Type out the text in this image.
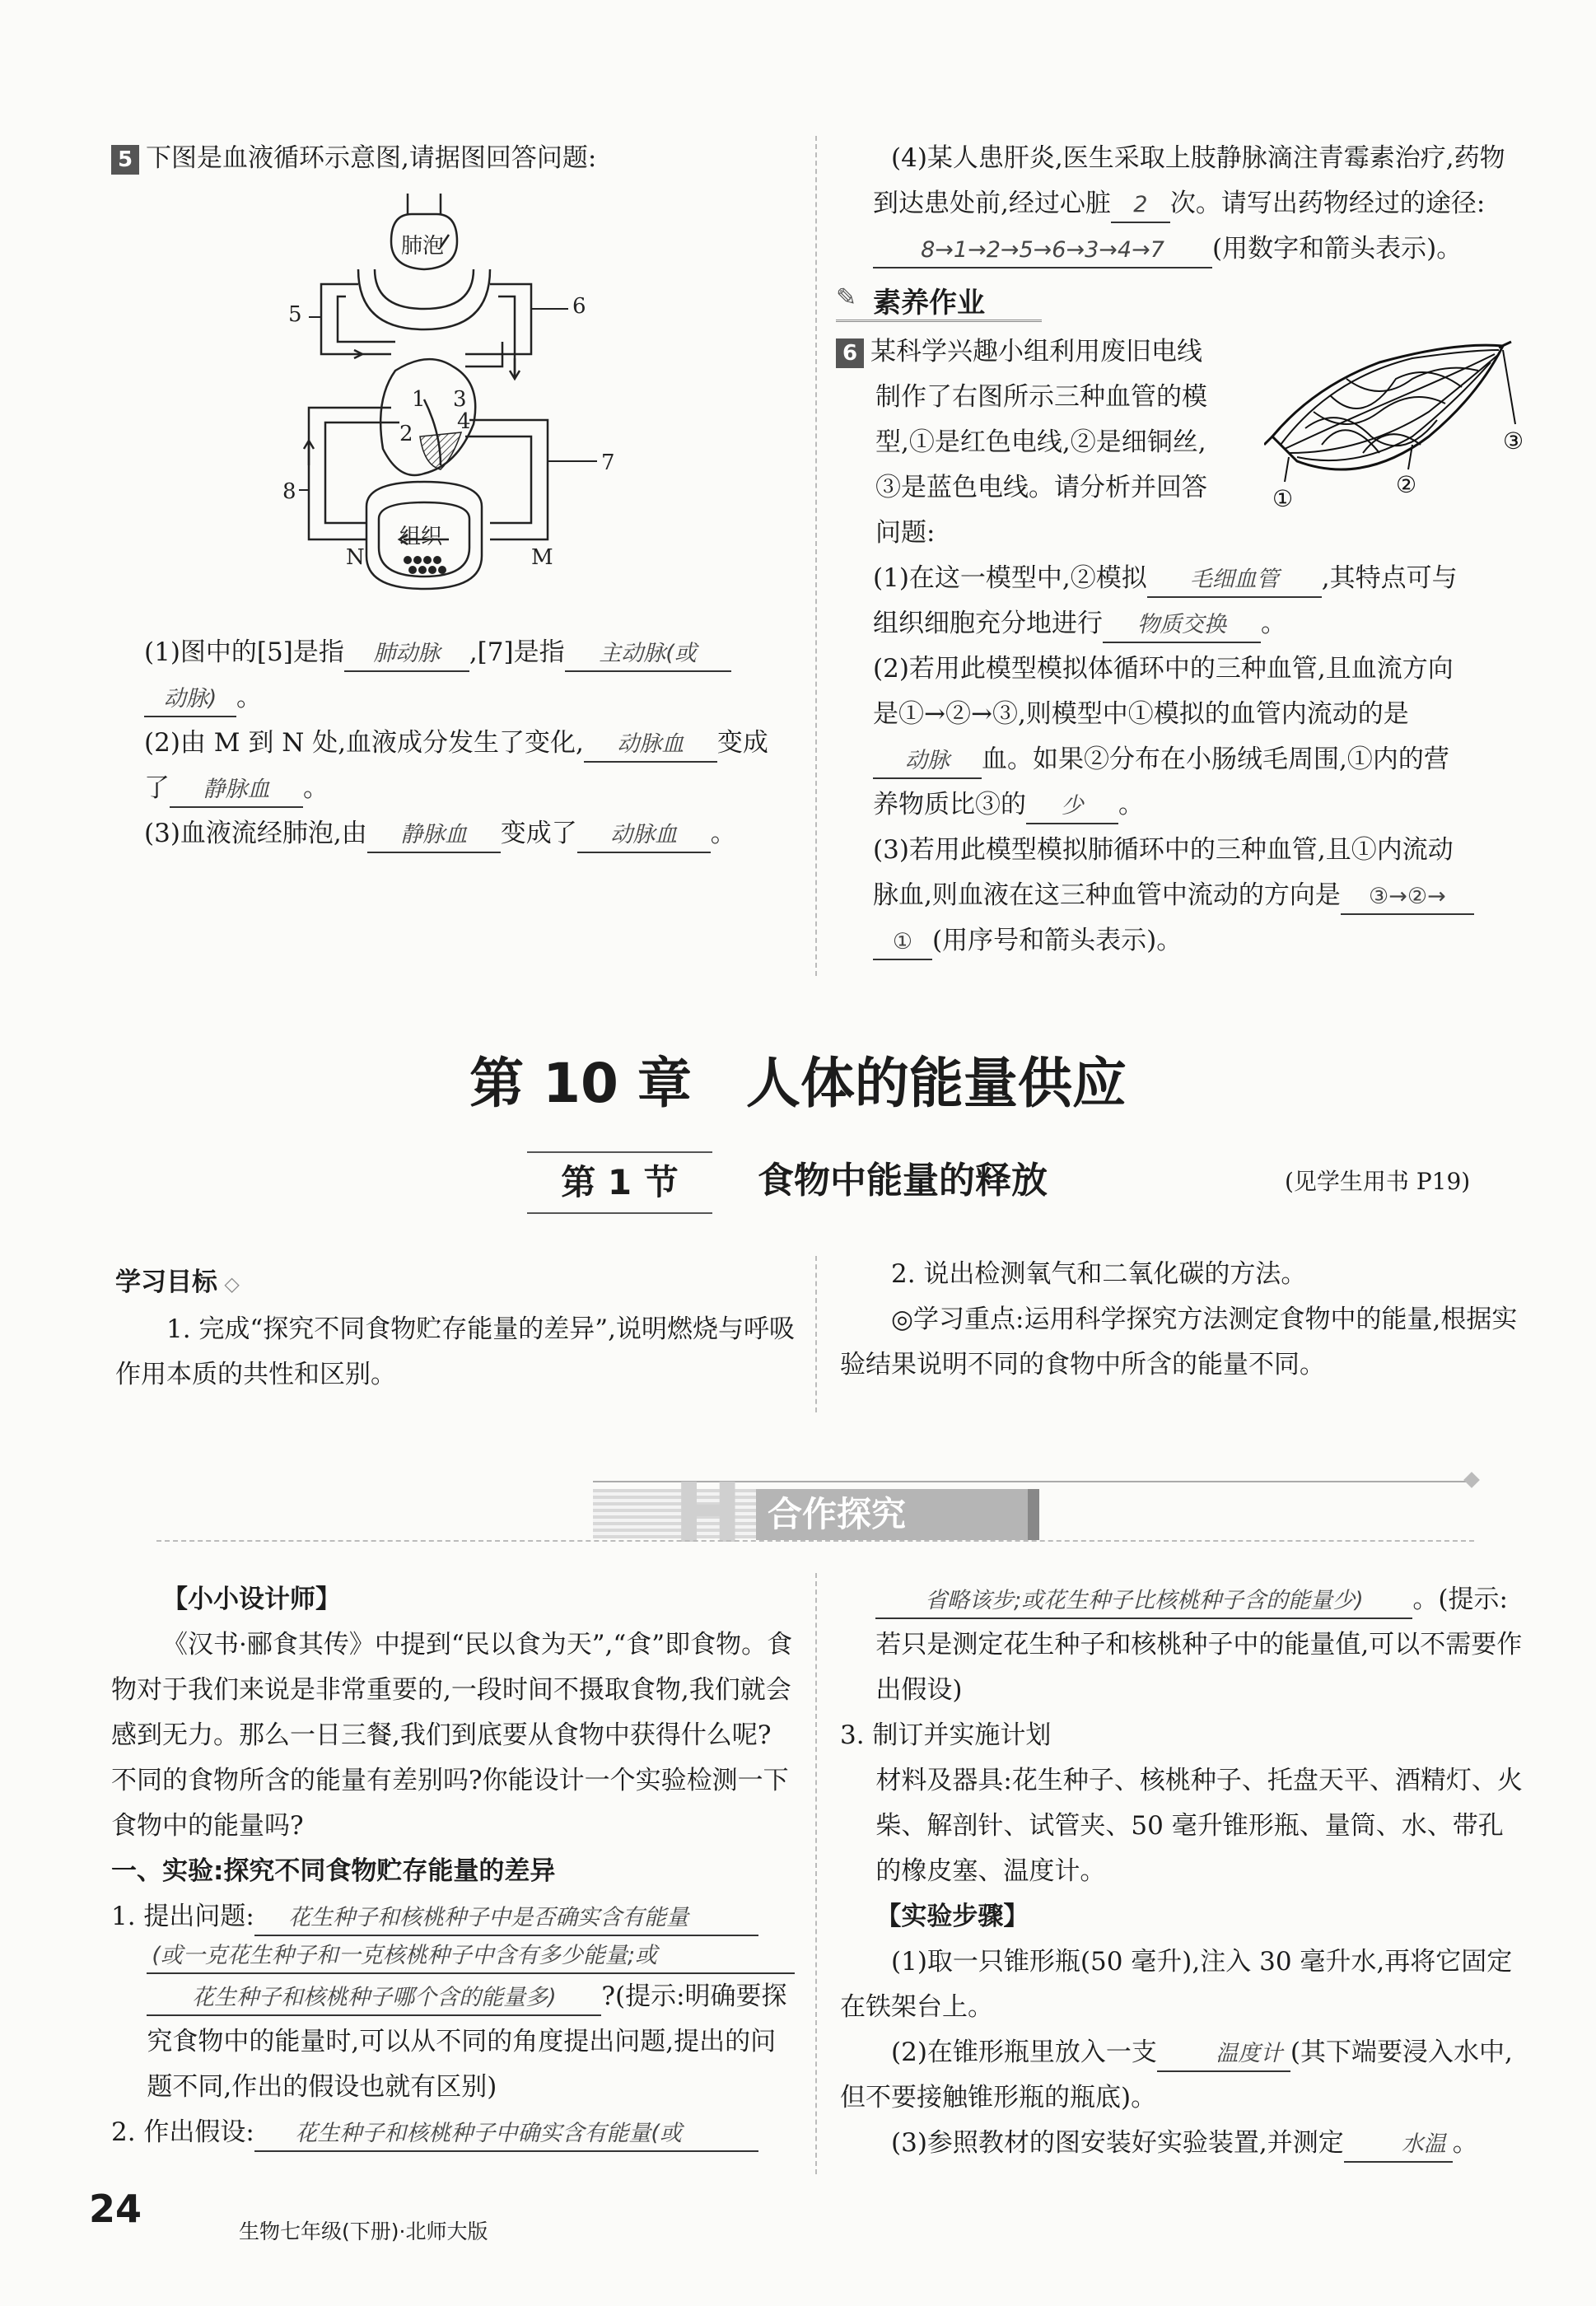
5 下图是血液循环示意图,请据图回答问题:

肺泡
组织
5	6
7
8
1
2
3
4
N	M

(1)图中的[5]是指 肺动脉 ,[7]是指 主动脉(或

动脉) 。

(2)由 M 到 N 处,血液成分发生了变化, 动脉血 变成

了 静脉血 。

(3)血液流经肺泡,由 静脉血 变成了 动脉血 。

(4)某人患肝炎,医生采取上肢静脉滴注青霉素治疗,药物

到达患处前,经过心脏 2 次。请写出药物经过的途径:

8→1→2→5→6→3→4→7 (用数字和箭头表示)。

✎ 素养作业

6 某科学兴趣小组利用废旧电线

制作了右图所示三种血管的模

型,①是红色电线,②是细铜丝,

③是蓝色电线。请分析并回答

问题:

①
②
③

(1)在这一模型中,②模拟 毛细血管 ,其特点可与

组织细胞充分地进行 物质交换 。

(2)若用此模型模拟体循环中的三种血管,且血流方向

是①→②→③,则模型中①模拟的血管内流动的是

动脉 血。如果②分布在小肠绒毛周围,①内的营

养物质比③的 少 。

(3)若用此模型模拟肺循环中的三种血管,且①内流动

脉血,则血液在这三种血管中流动的方向是 ③→②→

① (用序号和箭头表示)。

第 10 章　人体的能量供应
第 1 节	食物中能量的释放	(见学生用书 P19)

学习目标 ◇

1. 完成“探究不同食物贮存能量的差异”,说明燃烧与呼吸作用本质的共性和区别。

2. 说出检测氧气和二氧化碳的方法。

◎学习重点:运用科学探究方法测定食物中的能量,根据实验结果说明不同的食物中所含的能量不同。

H 合作探究

【小小设计师】

《汉书·郦食其传》中提到“民以食为天”,“食”即食物。食物对于我们来说是非常重要的,一段时间不摄取食物,我们就会感到无力。那么一日三餐,我们到底要从食物中获得什么呢?不同的食物所含的能量有差别吗?你能设计一个实验检测一下食物中的能量吗?

一、实验:探究不同食物贮存能量的差异

1. 提出问题: 花生种子和核桃种子中是否确实含有能量

(或一克花生种子和一克核桃种子中含有多少能量;或

花生种子和核桃种子哪个含的能量多) ?(提示:明确要探究食物中的能量时,可以从不同的角度提出问题,提出的问题不同,作出的假设也就有区别)

2. 作出假设: 花生种子和核桃种子中确实含有能量(或

省略该步;或花生种子比核桃种子含的能量少) 。(提示:若只是测定花生种子和核桃种子中的能量值,可以不需要作出假设)

3. 制订并实施计划

材料及器具:花生种子、核桃种子、托盘天平、酒精灯、火柴、解剖针、试管夹、50 毫升锥形瓶、量筒、水、带孔的橡皮塞、温度计。

【实验步骤】

(1)取一只锥形瓶(50 毫升),注入 30 毫升水,再将它固定在铁架台上。

(2)在锥形瓶里放入一支	温度计 (其下端要浸入水中,但不要接触锥形瓶的瓶底)。

(3)参照教材的图安装好实验装置,并测定	水温 。

24
生物七年级(下册)·北师大版
